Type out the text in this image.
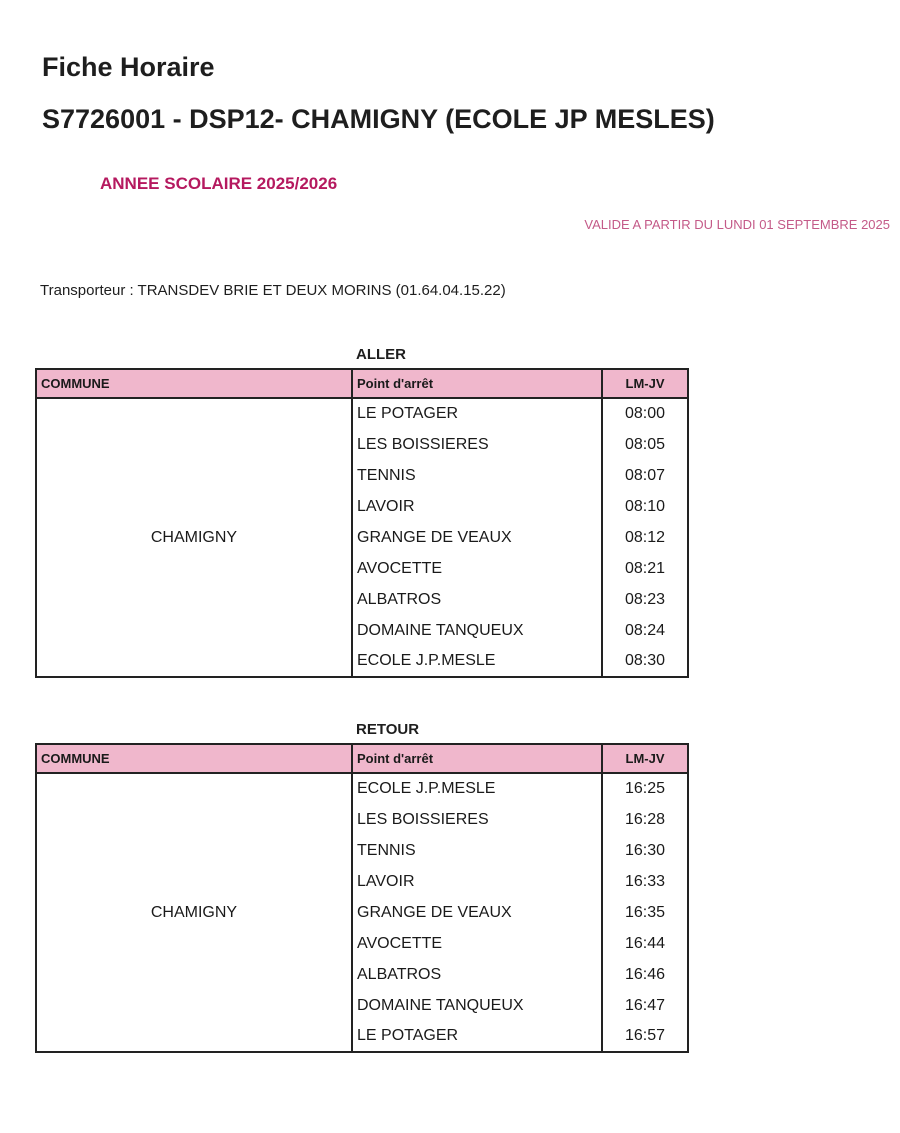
Fiche Horaire
S7726001 - DSP12- CHAMIGNY (ECOLE JP MESLES)
ANNEE SCOLAIRE 2025/2026
VALIDE A PARTIR DU LUNDI 01 SEPTEMBRE 2025
Transporteur : TRANSDEV BRIE ET DEUX MORINS (01.64.04.15.22)
ALLER
COMMUNE	Point d'arrêt	LM-JV
CHAMIGNY	LE POTAGER	08:00
	LES BOISSIERES	08:05
	TENNIS	08:07
	LAVOIR	08:10
	GRANGE DE VEAUX	08:12
	AVOCETTE	08:21
	ALBATROS	08:23
	DOMAINE TANQUEUX	08:24
	ECOLE J.P.MESLE	08:30
RETOUR
COMMUNE	Point d'arrêt	LM-JV
CHAMIGNY	ECOLE J.P.MESLE	16:25
	LES BOISSIERES	16:28
	TENNIS	16:30
	LAVOIR	16:33
	GRANGE DE VEAUX	16:35
	AVOCETTE	16:44
	ALBATROS	16:46
	DOMAINE TANQUEUX	16:47
	LE POTAGER	16:57
